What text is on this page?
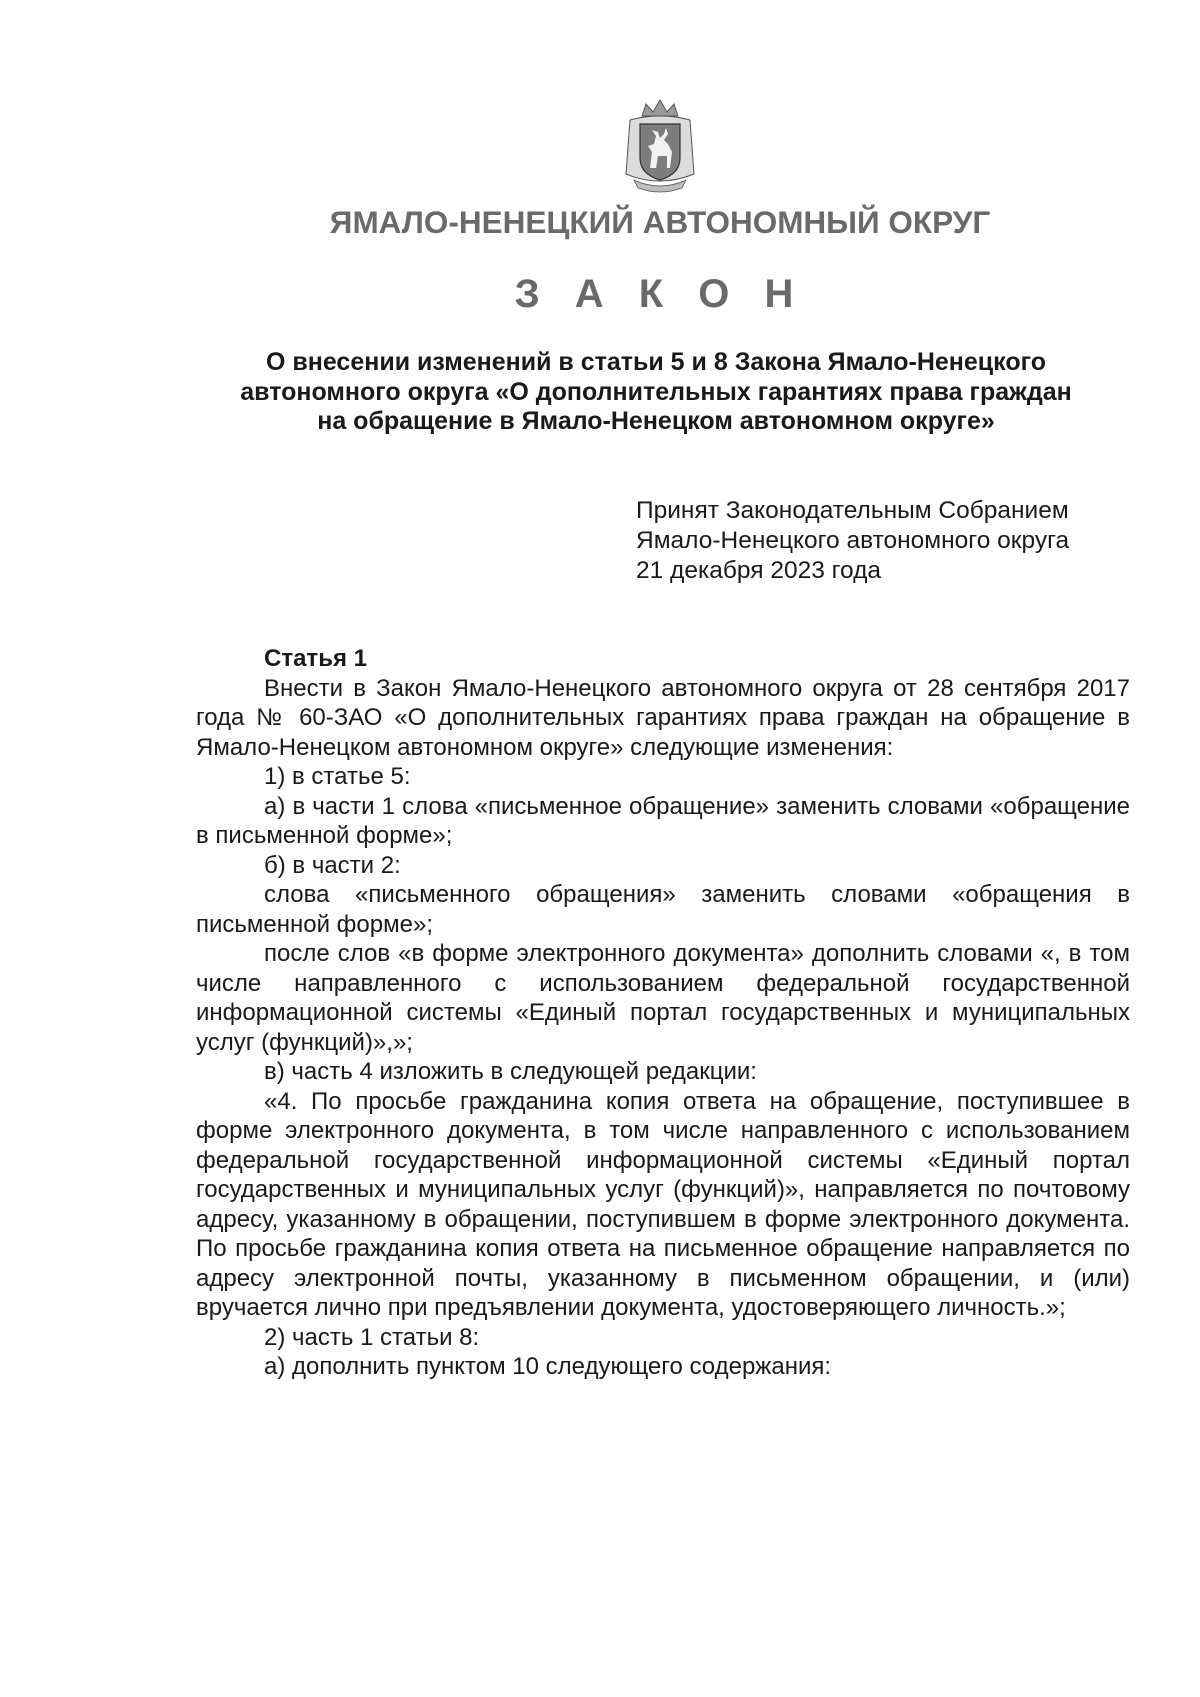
ЯМАЛО-НЕНЕЦКИЙ АВТОНОМНЫЙ ОКРУГ
З А К О Н
О внесении изменений в статьи 5 и 8 Закона Ямало-Ненецкого
автономного округа «О дополнительных гарантиях права граждан
на обращение в Ямало-Ненецком автономном округе»
Принят Законодательным Собранием
Ямало-Ненецкого автономного округа
21 декабря 2023 года
Статья 1

Внести в Закон Ямало-Ненецкого автономного округа от 28 сентября 2017 года № 60-ЗАО «О дополнительных гарантиях права граждан на обращение в Ямало-Ненецком автономном округе» следующие изменения:

1) в статье 5:

а) в части 1 слова «письменное обращение» заменить словами «обращение в письменной форме»;

б) в части 2:

слова «письменного обращения» заменить словами «обращения в письменной форме»;

после слов «в форме электронного документа» дополнить словами «, в том числе направленного с использованием федеральной государственной информационной системы «Единый портал государственных и муниципальных услуг (функций)»,»;

в) часть 4 изложить в следующей редакции:

«4. По просьбе гражданина копия ответа на обращение, поступившее в форме электронного документа, в том числе направленного с использованием федеральной государственной информационной системы «Единый портал государственных и муниципальных услуг (функций)», направляется по почтовому адресу, указанному в обращении, поступившем в форме электронного документа. По просьбе гражданина копия ответа на письменное обращение направляется по адресу электронной почты, указанному в письменном обращении, и (или) вручается лично при предъявлении документа, удостоверяющего личность.»;

2) часть 1 статьи 8:

а) дополнить пунктом 10 следующего содержания:
